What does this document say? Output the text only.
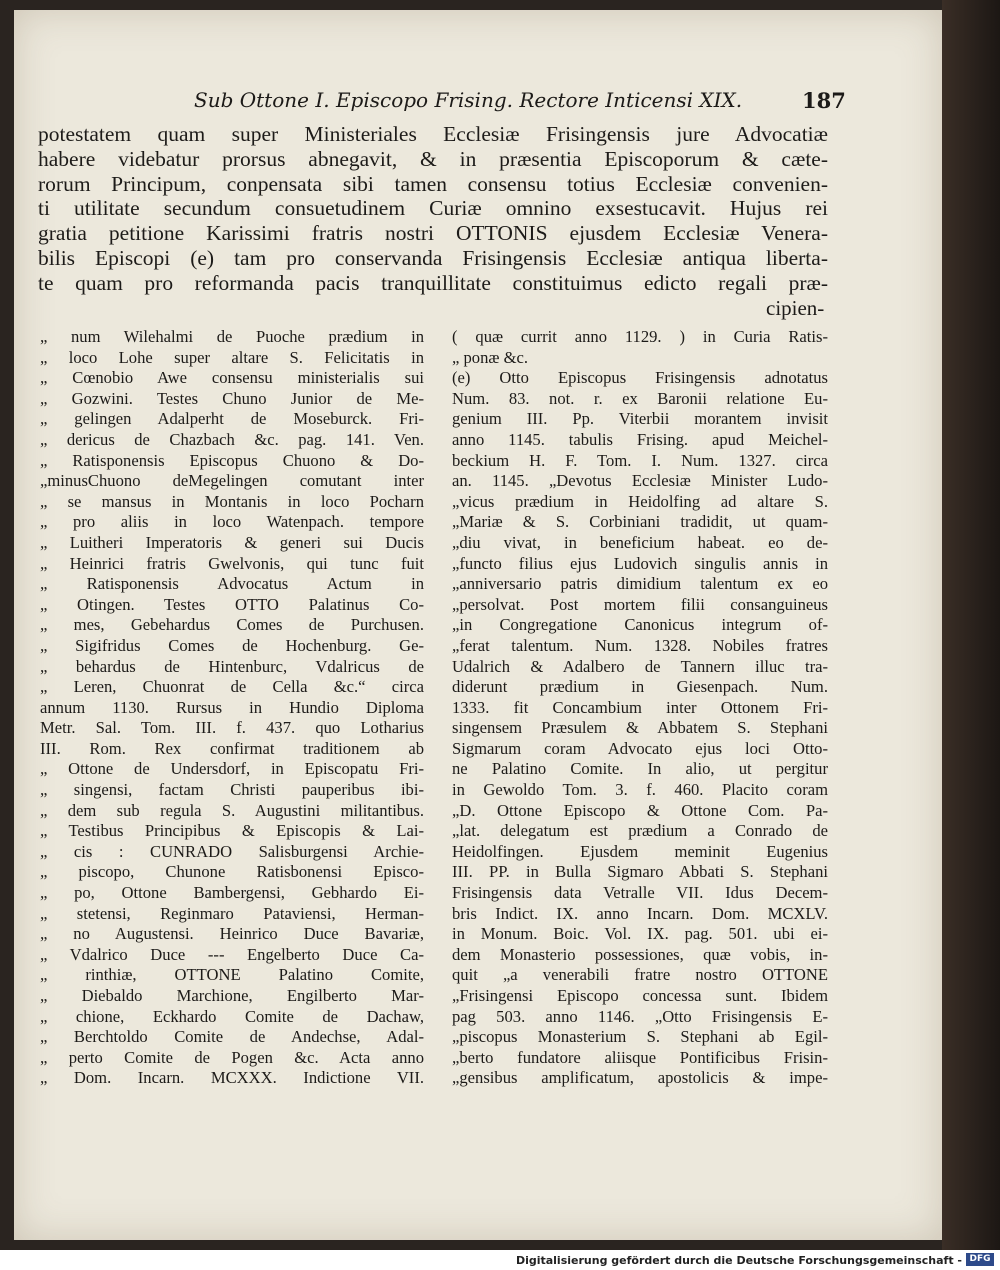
Sub Ottone I. Episcopo Frising. Rectore Inticensi XIX.	187
potestatem quam super Ministeriales Ecclesiæ Frisingensis jure Advocatiæ
habere videbatur prorsus abnegavit, & in præsentia Episcoporum & cæte-
rorum Principum, conpensata sibi tamen consensu totius Ecclesiæ convenien-
ti utilitate secundum consuetudinem Curiæ omnino exsestucavit. Hujus rei
gratia petitione Karissimi fratris nostri OTTONIS ejusdem Ecclesiæ Venera-
bilis Episcopi (e) tam pro conservanda Frisingensis Ecclesiæ antiqua liberta-
te quam pro reformanda pacis tranquillitate constituimus edicto regali præ-
cipien-
„ num Wilehalmi de Puoche prædium in
„ loco Lohe super altare S. Felicitatis in
„ Cœnobio Awe consensu ministerialis sui
„ Gozwini. Testes Chuno Junior de Me-
„ gelingen Adalperht de Moseburck. Fri-
„ dericus de Chazbach &c. pag. 141. Ven.
„ Ratisponensis Episcopus Chuono & Do-
„minusChuono deMegelingen comutant inter
„ se mansus in Montanis in loco Pocharn
„ pro aliis in loco Watenpach. tempore
„ Luitheri Imperatoris & generi sui Ducis
„ Heinrici fratris Gwelvonis, qui tunc fuit
„ Ratisponensis Advocatus Actum in
„ Otingen. Testes OTTO Palatinus Co-
„ mes, Gebehardus Comes de Purchusen.
„ Sigifridus Comes de Hochenburg. Ge-
„ behardus de Hintenburc, Vdalricus de
„ Leren, Chuonrat de Cella &c.“ circa
annum 1130. Rursus in Hundio Diploma
Metr. Sal. Tom. III. f. 437. quo Lotharius
III. Rom. Rex confirmat traditionem ab
„ Ottone de Undersdorf, in Episcopatu Fri-
„ singensi, factam Christi pauperibus ibi-
„ dem sub regula S. Augustini militantibus.
„ Testibus Principibus & Episcopis & Lai-
„ cis : CUNRADO Salisburgensi Archie-
„ piscopo, Chunone Ratisbonensi Episco-
„ po, Ottone Bambergensi, Gebhardo Ei-
„ stetensi, Reginmaro Pataviensi, Herman-
„ no Augustensi. Heinrico Duce Bavariæ,
„ Vdalrico Duce --- Engelberto Duce Ca-
„ rinthiæ, OTTONE Palatino Comite,
„ Diebaldo Marchione, Engilberto Mar-
„ chione, Eckhardo Comite de Dachaw,
„ Berchtoldo Comite de Andechse, Adal-
„ perto Comite de Pogen &c. Acta anno
„ Dom. Incarn. MCXXX. Indictione VII.
( quæ currit anno 1129. ) in Curia Ratis-
„ ponæ &c.
(e) Otto Episcopus Frisingensis adnotatus
Num. 83. not. r. ex Baronii relatione Eu-
genium III. Pp. Viterbii morantem invisit
anno 1145. tabulis Frising. apud Meichel-
beckium H. F. Tom. I. Num. 1327. circa
an. 1145. „Devotus Ecclesiæ Minister Ludo-
„vicus prædium in Heidolfing ad altare S.
„Mariæ & S. Corbiniani tradidit, ut quam-
„diu vivat, in beneficium habeat. eo de-
„functo filius ejus Ludovich singulis annis in
„anniversario patris dimidium talentum ex eo
„persolvat. Post mortem filii consanguineus
„in Congregatione Canonicus integrum of-
„ferat talentum. Num. 1328. Nobiles fratres
Udalrich & Adalbero de Tannern illuc tra-
diderunt prædium in Giesenpach. Num.
1333. fit Concambium inter Ottonem Fri-
singensem Præsulem & Abbatem S. Stephani
Sigmarum coram Advocato ejus loci Otto-
ne Palatino Comite. In alio, ut pergitur
in Gewoldo Tom. 3. f. 460. Placito coram
„D. Ottone Episcopo & Ottone Com. Pa-
„lat. delegatum est prædium a Conrado de
Heidolfingen. Ejusdem meminit Eugenius
III. PP. in Bulla Sigmaro Abbati S. Stephani
Frisingensis data Vetralle VII. Idus Decem-
bris Indict. IX. anno Incarn. Dom. MCXLV.
in Monum. Boic. Vol. IX. pag. 501. ubi ei-
dem Monasterio possessiones, quæ vobis, in-
quit „a venerabili fratre nostro OTTONE
„Frisingensi Episcopo concessa sunt. Ibidem
pag 503. anno 1146. „Otto Frisingensis E-
„piscopus Monasterium S. Stephani ab Egil-
„berto fundatore aliisque Pontificibus Frisin-
„gensibus amplificatum, apostolicis & impe-
Digitalisierung gefördert durch die Deutsche Forschungsgemeinschaft - DFG
